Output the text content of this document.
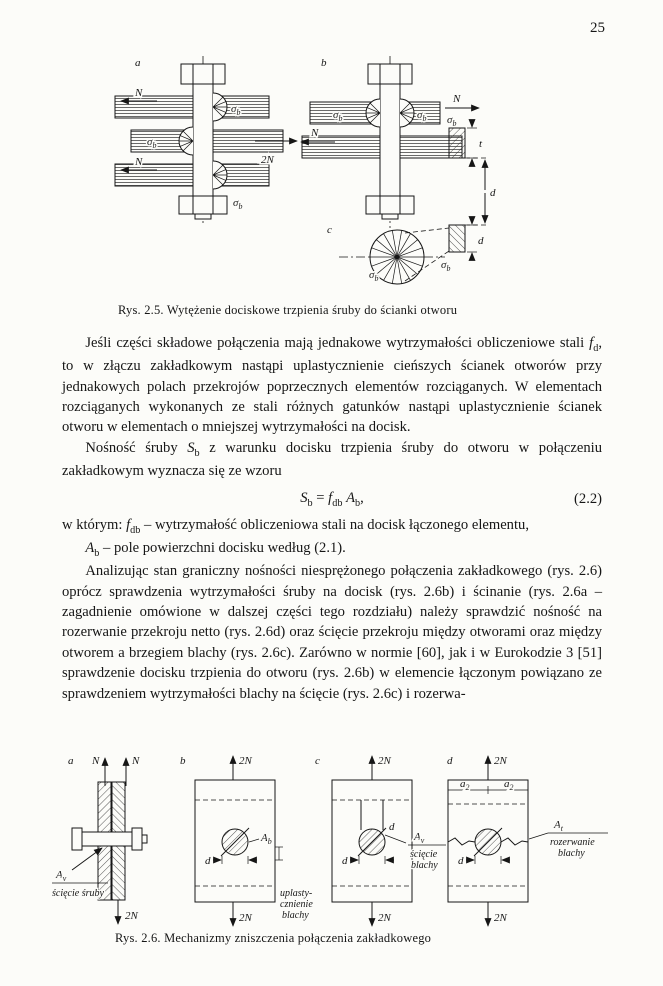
25
a
$\sigma_b$
$\sigma_b$
$\sigma_b$
N
N	2N
b
$\sigma_b$	$\sigma_b$
N
N
$\sigma_b$
t
d
c
$\sigma_b$
$\sigma_b$
d
Rys. 2.5. Wytężenie dociskowe trzpienia śruby do ścianki otworu

Jeśli części składowe połączenia mają jednakowe wytrzymałości obliczeniowe stali $f_d$, to w złączu zakładkowym nastąpi uplastycznienie cieńszych ścianek otworów przy jednakowych polach przekrojów poprzecznych elementów rozciąganych. W elementach rozciąganych wykonanych ze stali różnych gatunków nastąpi uplastycznienie ścianek otworu w elementach o mniejszej wytrzymałości na docisk.

Nośność śruby $S_b$ z warunku docisku trzpienia śruby do otworu w połączeniu zakładkowym wyznacza się ze wzoru

$S_b = f_{db}$ $A_b$,	(2.2)

w którym: $f_{db}$ – wytrzymałość obliczeniowa stali na docisk łączonego elementu,

$A_b$ – pole powierzchni docisku według (2.1).

Analizując stan graniczny nośności niesprężonego połączenia zakładkowego (rys. 2.6) oprócz sprawdzenia wytrzymałości śruby na docisk (rys. 2.6b) i ścinanie (rys. 2.6a – zagadnienie omówione w dalszej części tego rozdziału) należy sprawdzić nośność na rozerwanie przekroju netto (rys. 2.6d) oraz ścięcie przekroju między otworami oraz między otworem a brzegiem blachy (rys. 2.6c). Zarówno w normie [60], jak i w Eurokodzie 3 [51] sprawdzenie docisku trzpienia do otworu (rys. 2.6b) w elemencie łączonym powiązano ze sprawdzeniem wytrzymałości blachy na ścięcie (rys. 2.6c) i rozerwa-

a N	N
$A_v$
ścięcie śruby
2N
b	2N
$A_b$
d
uplasty-
cznienie
blachy
2N
c	2N
d
$A_v$
ścięcie
blachy
d
2N
d	2N
$a_2$	$a_2$
$A_t$
rozerwanie
blachy
d
2N
Rys. 2.6. Mechanizmy zniszczenia połączenia zakładkowego
